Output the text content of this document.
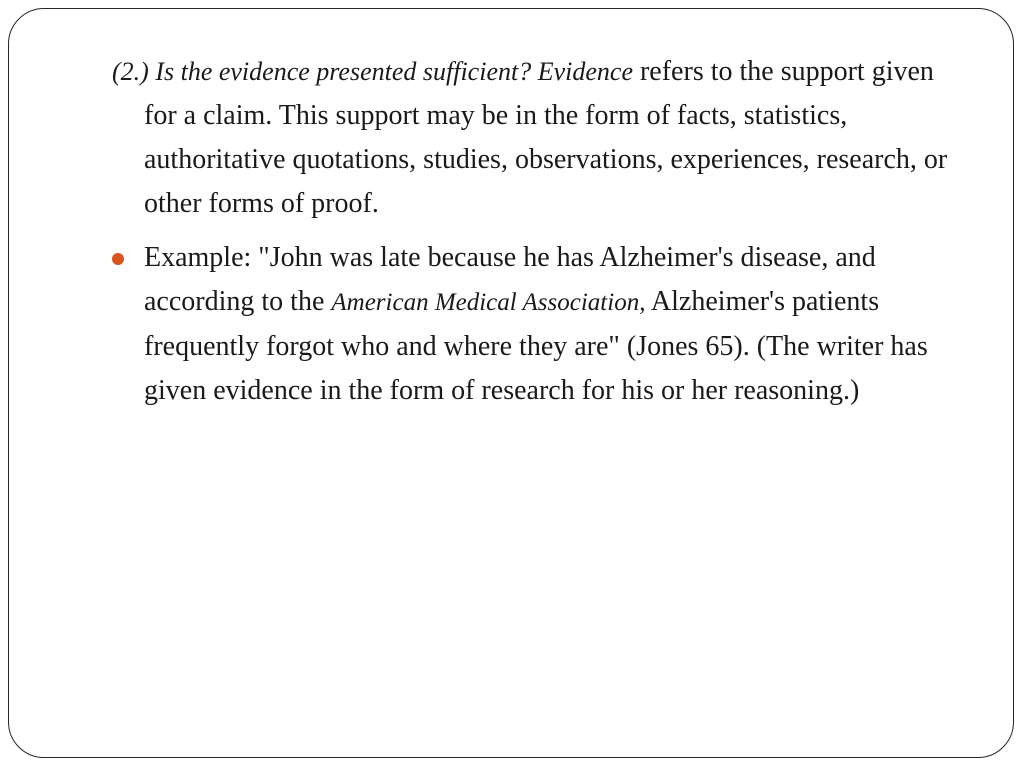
(2.) Is the evidence presented sufficient? Evidence refers to the support given for a claim. This support may be in the form of facts, statistics, authoritative quotations, studies, observations, experiences, research, or other forms of proof.

Example: "John was late because he has Alzheimer's disease, and according to the American Medical Association, Alzheimer's patients frequently forgot who and where they are" (Jones 65). (The writer has given evidence in the form of research for his or her reasoning.)
